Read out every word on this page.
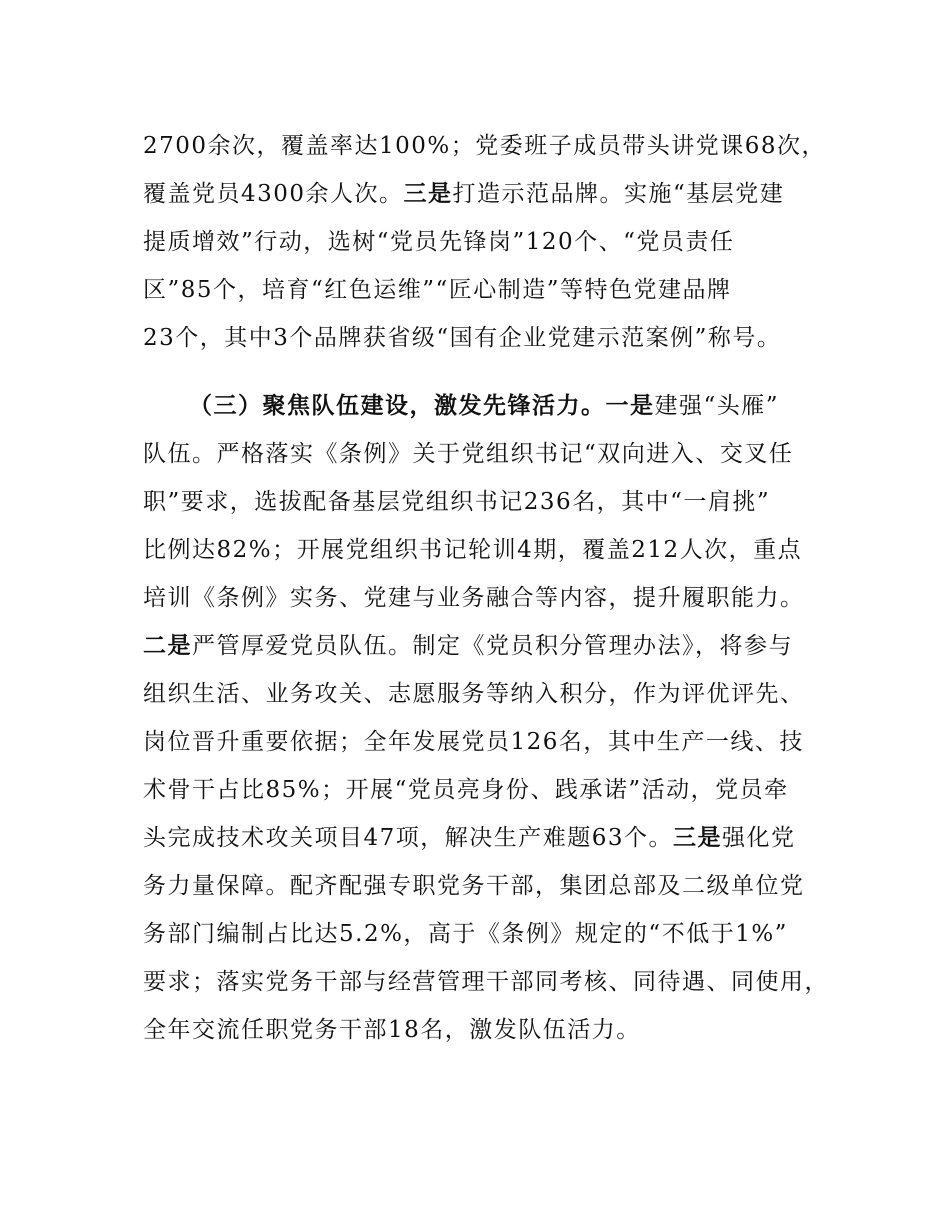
2700余次，覆盖率达100%；党委班子成员带头讲党课68次，
覆盖党员4300余人次。三是打造示范品牌。实施“基层党建
提质增效”行动，选树“党员先锋岗”120个、“党员责任
区”85个，培育“红色运维”“匠心制造”等特色党建品牌
23个，其中3个品牌获省级“国有企业党建示范案例”称号。
（三）聚焦队伍建设，激发先锋活力。一是建强“头雁”
队伍。严格落实《条例》关于党组织书记“双向进入、交叉任
职”要求，选拔配备基层党组织书记236名，其中“一肩挑”
比例达82%；开展党组织书记轮训4期，覆盖212人次，重点
培训《条例》实务、党建与业务融合等内容，提升履职能力。
二是严管厚爱党员队伍。制定《党员积分管理办法》，将参与
组织生活、业务攻关、志愿服务等纳入积分，作为评优评先、
岗位晋升重要依据；全年发展党员126名，其中生产一线、技
术骨干占比85%；开展“党员亮身份、践承诺”活动，党员牵
头完成技术攻关项目47项，解决生产难题63个。三是强化党
务力量保障。配齐配强专职党务干部，集团总部及二级单位党
务部门编制占比达5.2%，高于《条例》规定的“不低于1%”
要求；落实党务干部与经营管理干部同考核、同待遇、同使用，
全年交流任职党务干部18名，激发队伍活力。
